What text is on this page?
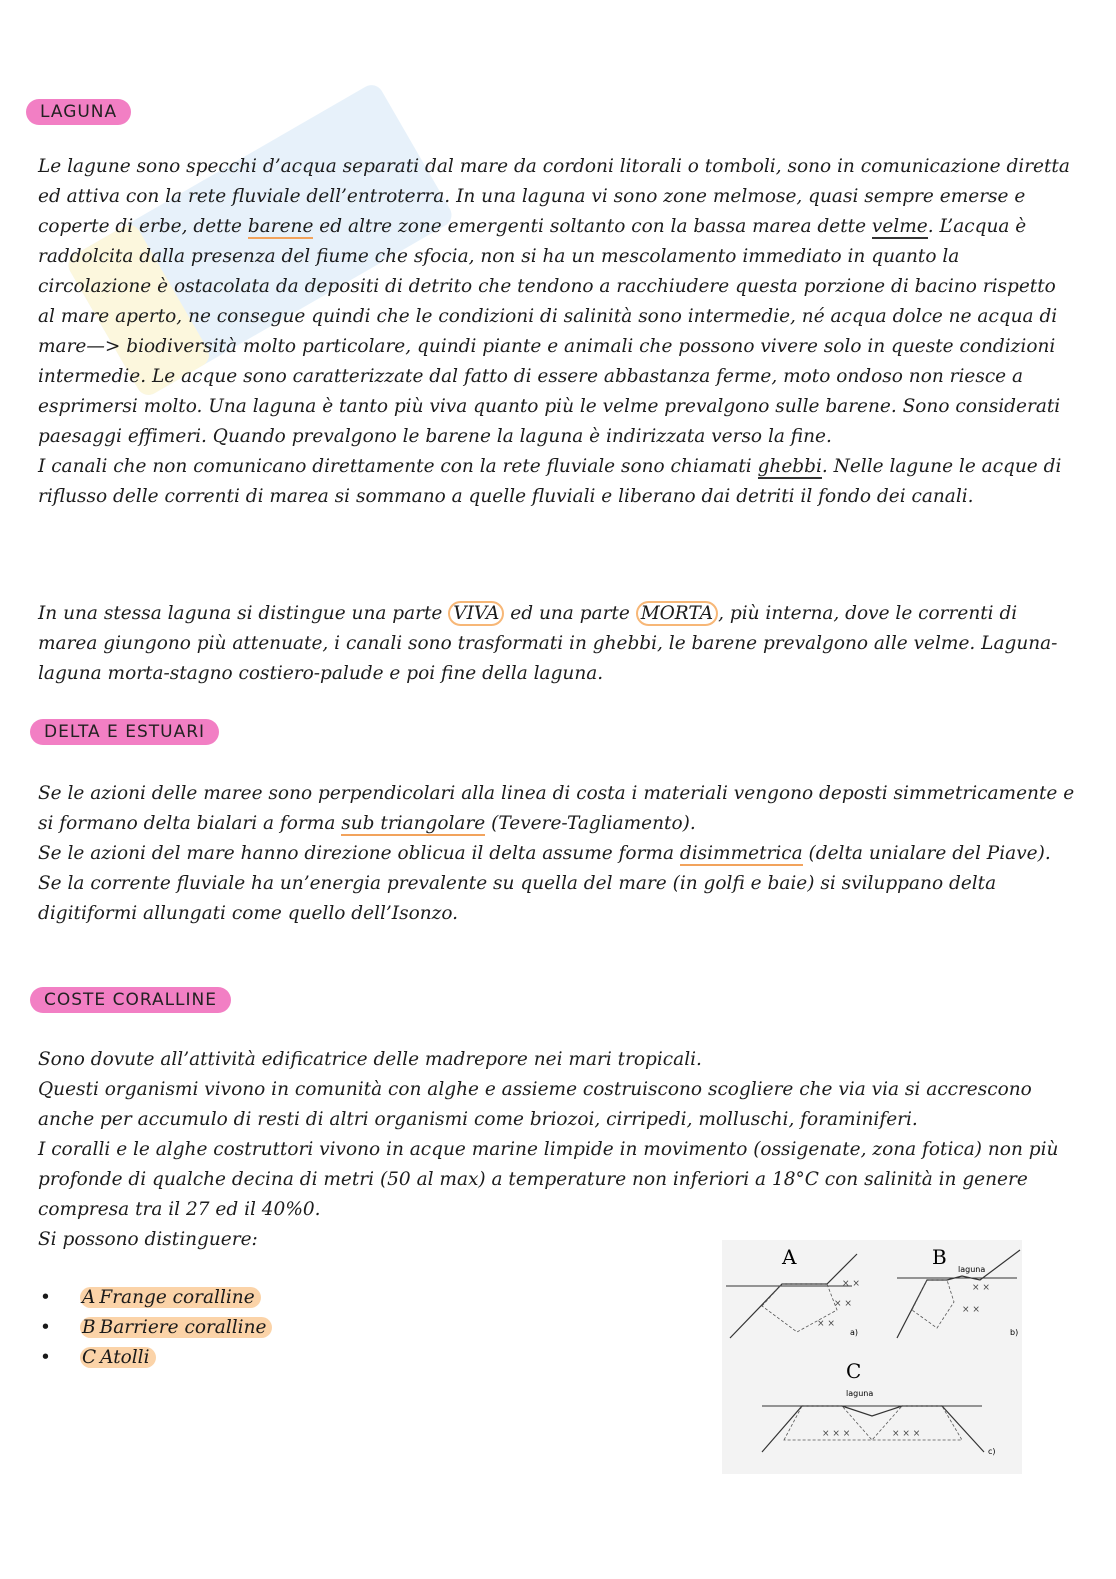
LAGUNA

Le lagune sono specchi d’acqua separati dal mare da cordoni litorali o tomboli, sono in comunicazione diretta ed attiva con la rete fluviale dell’entroterra. In una laguna vi sono zone melmose, quasi sempre emerse e coperte di erbe, dette barene ed altre zone emergenti soltanto con la bassa marea dette velme. L’acqua è raddolcita dalla presenza del fiume che sfocia, non si ha un mescolamento immediato in quanto la circolazione è ostacolata da depositi di detrito che tendono a racchiudere questa porzione di bacino rispetto al mare aperto, ne consegue quindi che le condizioni di salinità sono intermedie, né acqua dolce ne acqua di mare—> biodiversità molto particolare, quindi piante e animali che possono vivere solo in queste condizioni intermedie. Le acque sono caratterizzate dal fatto di essere abbastanza ferme, moto ondoso non riesce a esprimersi molto. Una laguna è tanto più viva quanto più le velme prevalgono sulle barene. Sono considerati paesaggi effimeri. Quando prevalgono le barene la laguna è indirizzata verso la fine.
I canali che non comunicano direttamente con la rete fluviale sono chiamati ghebbi. Nelle lagune le acque di riflusso delle correnti di marea si sommano a quelle fluviali e liberano dai detriti il fondo dei canali.

In una stessa laguna si distingue una parte VIVA ed una parte MORTA , più interna, dove le correnti di marea giungono più attenuate, i canali sono trasformati in ghebbi, le barene prevalgono alle velme. Laguna-laguna morta-stagno costiero-palude e poi fine della laguna.

DELTA E ESTUARI

Se le azioni delle maree sono perpendicolari alla linea di costa i materiali vengono deposti simmetricamente e si formano delta bialari a forma sub triangolare (Tevere-Tagliamento).
Se le azioni del mare hanno direzione oblicua il delta assume forma disimmetrica (delta unialare del Piave).
Se la corrente fluviale ha un’energia prevalente su quella del mare (in golfi e baie) si sviluppano delta digitiformi allungati come quello dell’Isonzo.

COSTE CORALLINE

Sono dovute all’attività edificatrice delle madrepore nei mari tropicali.
Questi organismi vivono in comunità con alghe e assieme costruiscono scogliere che via via si accrescono anche per accumulo di resti di altri organismi come briozoi, cirripedi, molluschi, foraminiferi.
I coralli e le alghe costruttori vivono in acque marine limpide in movimento (ossigenate, zona fotica) non più profonde di qualche decina di metri (50 al max) a temperature non inferiori a 18°C con salinità in genere compresa tra il 27 ed il 40%0.
Si possono distinguere:

• A Frange coralline
• B Barriere coralline
• C Atolli
A
× ×
× ×
× ×
a)
B
laguna
× ×
× ×
b)
C
laguna
× × ×	× × ×
c)
